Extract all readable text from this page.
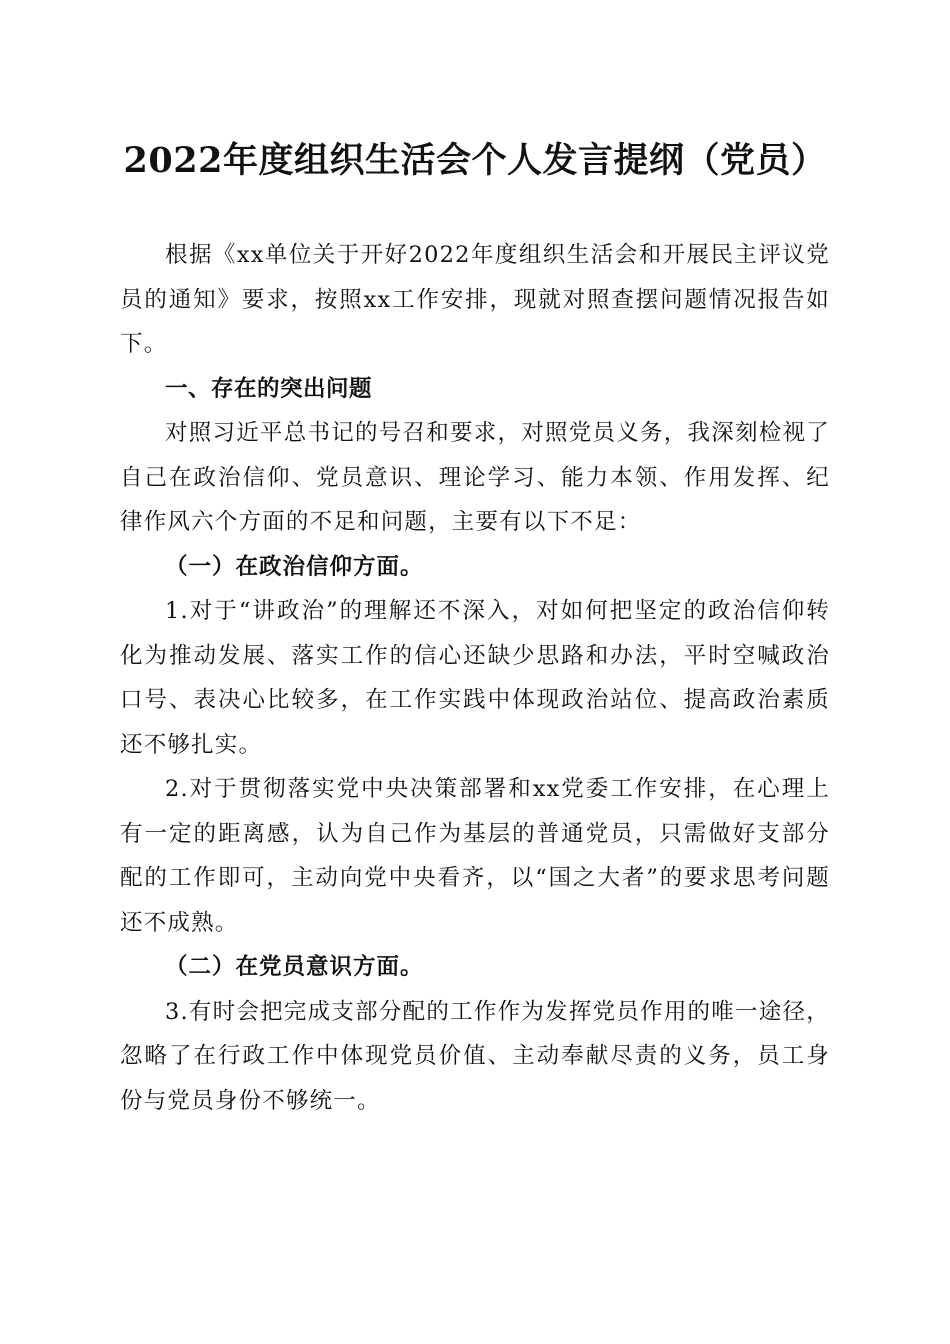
2022年度组织生活会个人发言提纲（党员）

根据《xx单位关于开好2022年度组织生活会和开展民主评议党员的通知》要求，按照xx工作安排，现就对照查摆问题情况报告如下。

一、存在的突出问题

对照习近平总书记的号召和要求，对照党员义务，我深刻检视了自己在政治信仰、党员意识、理论学习、能力本领、作用发挥、纪律作风六个方面的不足和问题，主要有以下不足：

（一）在政治信仰方面。

1.对于“讲政治”的理解还不深入，对如何把坚定的政治信仰转化为推动发展、落实工作的信心还缺少思路和办法，平时空喊政治口号、表决心比较多，在工作实践中体现政治站位、提高政治素质还不够扎实。

2.对于贯彻落实党中央决策部署和xx党委工作安排，在心理上有一定的距离感，认为自己作为基层的普通党员，只需做好支部分配的工作即可，主动向党中央看齐，以“国之大者”的要求思考问题还不成熟。

（二）在党员意识方面。

3.有时会把完成支部分配的工作作为发挥党员作用的唯一途径，忽略了在行政工作中体现党员价值、主动奉献尽责的义务，员工身份与党员身份不够统一。
